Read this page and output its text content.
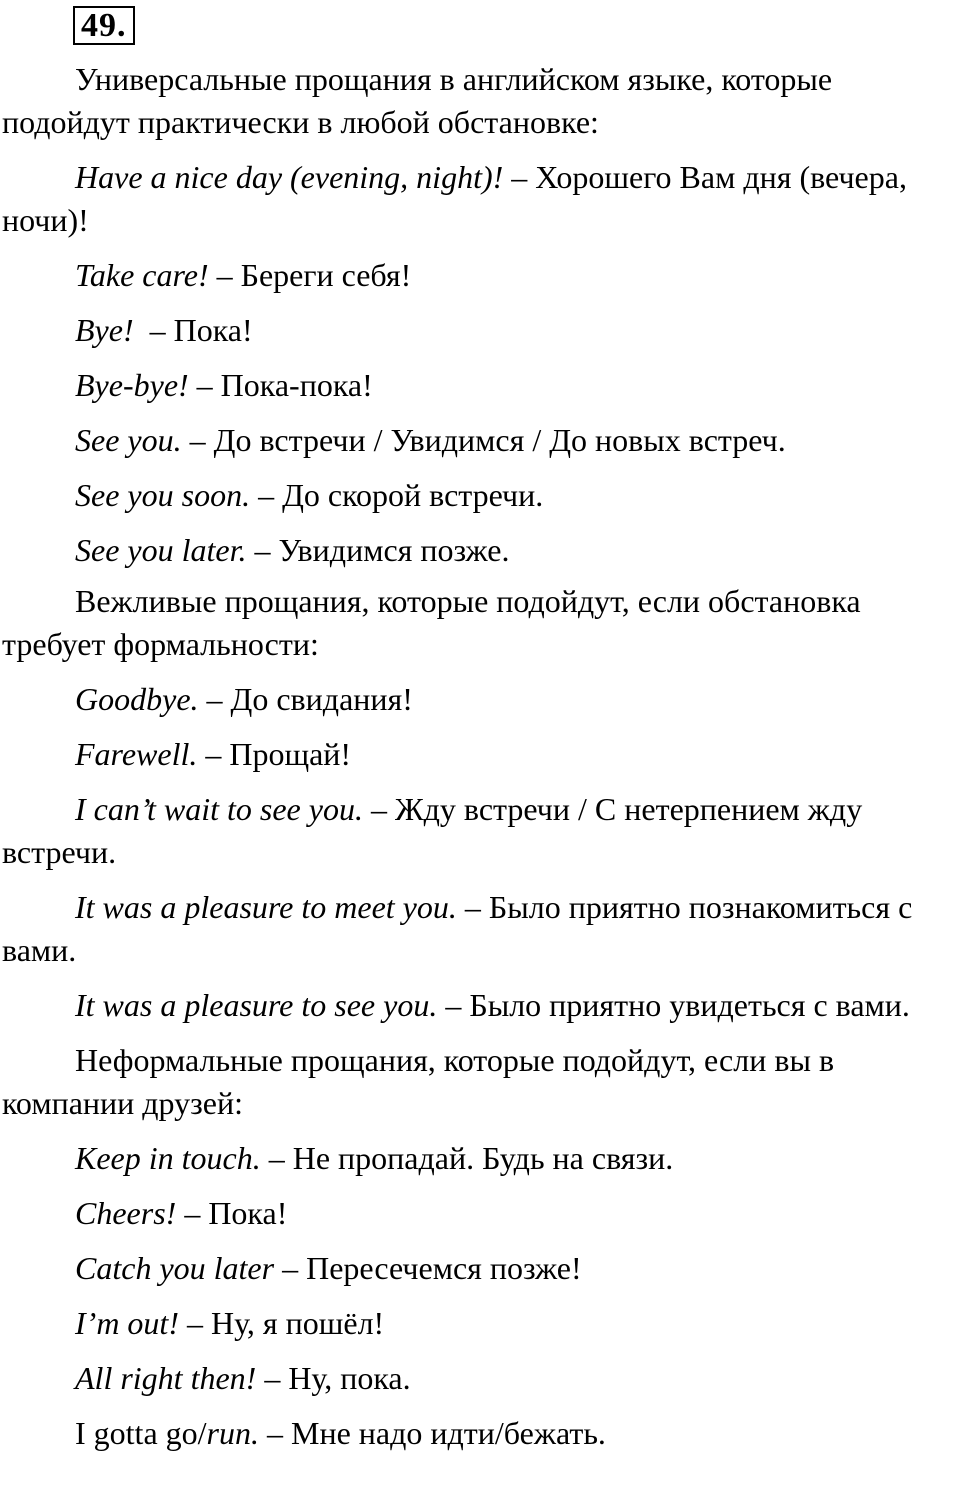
49.

Универсальные прощания в английском языке, которые подойдут практически в любой обстановке:

Have a nice day (evening, night)! – Хорошего Вам дня (вечера, ночи)!

Take care! – Береги себя!

Bye!  – Пока!

Bye-bye! – Пока-пока!

See you. – До встречи / Увидимся / До новых встреч.

See you soon. – До скорой встречи.

See you later. – Увидимся позже.

Вежливые прощания, которые подойдут, если обстановка требует формальности:

Goodbye. – До свидания!

Farewell. – Прощай!

I can’t wait to see you. – Жду встречи / С нетерпением жду встречи.

It was a pleasure to meet you. – Было приятно познакомиться с вами.

It was a pleasure to see you. – Было приятно увидеться с вами.

Неформальные прощания, которые подойдут, если вы в компании друзей:

Keep in touch. – Не пропадай. Будь на связи.

Cheers! – Пока!

Catch you later – Пересечемся позже!

I’m out! – Ну, я пошёл!

All right then! – Ну, пока.

I gotta go/run. – Мне надо идти/бежать.
